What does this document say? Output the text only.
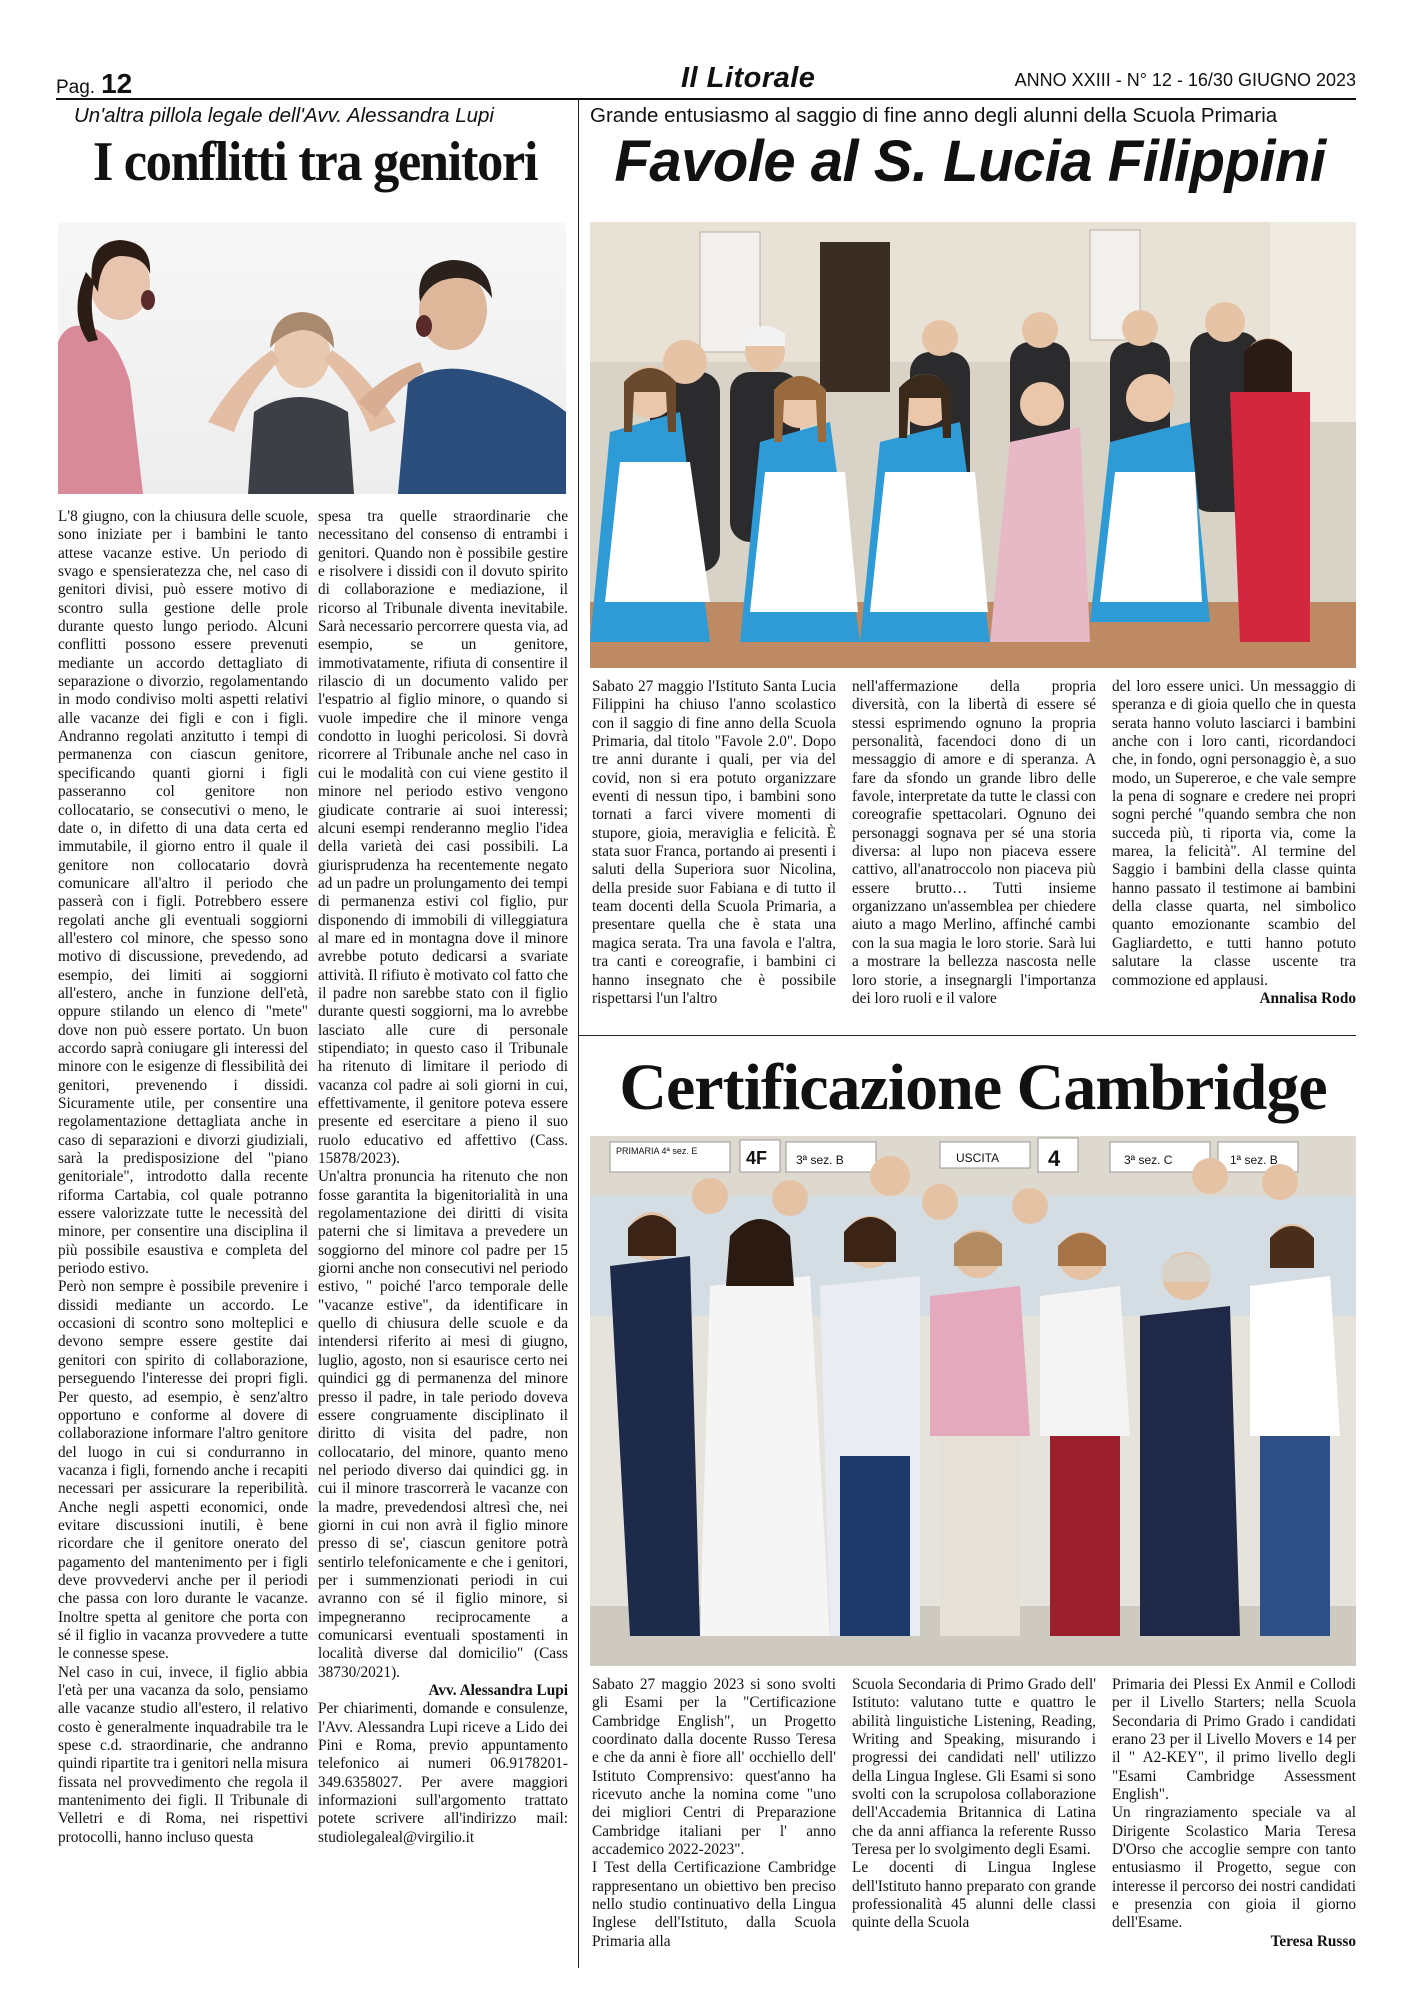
Pag. 12	Il Litorale	ANNO XXIII - N° 12 - 16/30 GIUGNO 2023
Un'altra pillola legale dell'Avv. Alessandra Lupi
I conflitti tra genitori

L'8 giugno, con la chiusura delle scuole, sono iniziate per i bambini le tanto attese vacanze estive. Un periodo di svago e spensieratezza che, nel caso di genitori divisi, può essere motivo di scontro sulla gestione delle prole durante questo lungo periodo. Alcuni conflitti possono essere prevenuti mediante un accordo dettagliato di separazione o divorzio, regolamentando in modo condiviso molti aspetti relativi alle vacanze dei figli e con i figli. Andranno regolati anzitutto i tempi di permanenza con ciascun genitore, specificando quanti giorni i figli passeranno col genitore non collocatario, se consecutivi o meno, le date o, in difetto di una data certa ed immutabile, il giorno entro il quale il genitore non collocatario dovrà comunicare all'altro il periodo che passerà con i figli. Potrebbero essere regolati anche gli eventuali soggiorni all'estero col minore, che spesso sono motivo di discussione, prevedendo, ad esempio, dei limiti ai soggiorni all'estero, anche in funzione dell'età, oppure stilando un elenco di "mete" dove non può essere portato. Un buon accordo saprà coniugare gli interessi del minore con le esigenze di flessibilità dei genitori, prevenendo i dissidi. Sicuramente utile, per consentire una regolamentazione dettagliata anche in caso di separazioni e divorzi giudiziali, sarà la predisposizione del "piano genitoriale", introdotto dalla recente riforma Cartabia, col quale potranno essere valorizzate tutte le necessità del minore, per consentire una disciplina il più possibile esaustiva e completa del periodo estivo.

Però non sempre è possibile prevenire i dissidi mediante un accordo. Le occasioni di scontro sono molteplici e devono sempre essere gestite dai genitori con spirito di collaborazione, perseguendo l'interesse dei propri figli. Per questo, ad esempio, è senz'altro opportuno e conforme al dovere di collaborazione informare l'altro genitore del luogo in cui si condurranno in vacanza i figli, fornendo anche i recapiti necessari per assicurare la reperibilità. Anche negli aspetti economici, onde evitare discussioni inutili, è bene ricordare che il genitore onerato del pagamento del mantenimento per i figli deve provvedervi anche per il periodi che passa con loro durante le vacanze. Inoltre spetta al genitore che porta con sé il figlio in vacanza provvedere a tutte le connesse spese.

Nel caso in cui, invece, il figlio abbia l'età per una vacanza da solo, pensiamo alle vacanze studio all'estero, il relativo costo è generalmente inquadrabile tra le spese c.d. straordinarie, che andranno quindi ripartite tra i genitori nella misura fissata nel provvedimento che regola il mantenimento dei figli. Il Tribunale di Velletri e di Roma, nei rispettivi protocolli, hanno incluso questa

spesa tra quelle straordinarie che necessitano del consenso di entrambi i genitori. Quando non è possibile gestire e risolvere i dissidi con il dovuto spirito di collaborazione e mediazione, il ricorso al Tribunale diventa inevitabile. Sarà necessario percorrere questa via, ad esempio, se un genitore, immotivatamente, rifiuta di consentire il rilascio di un documento valido per l'espatrio al figlio minore, o quando si vuole impedire che il minore venga condotto in luoghi pericolosi. Si dovrà ricorrere al Tribunale anche nel caso in cui le modalità con cui viene gestito il minore nel periodo estivo vengono giudicate contrarie ai suoi interessi; alcuni esempi renderanno meglio l'idea della varietà dei casi possibili. La giurisprudenza ha recentemente negato ad un padre un prolungamento dei tempi di permanenza estivi col figlio, pur disponendo di immobili di villeggiatura al mare ed in montagna dove il minore avrebbe potuto dedicarsi a svariate attività. Il rifiuto è motivato col fatto che il padre non sarebbe stato con il figlio durante questi soggiorni, ma lo avrebbe lasciato alle cure di personale stipendiato; in questo caso il Tribunale ha ritenuto di limitare il periodo di vacanza col padre ai soli giorni in cui, effettivamente, il genitore poteva essere presente ed esercitare a pieno il suo ruolo educativo ed affettivo (Cass. 15878/2023).

Un'altra pronuncia ha ritenuto che non fosse garantita la bigenitorialità in una regolamentazione dei diritti di visita paterni che si limitava a prevedere un soggiorno del minore col padre per 15 giorni anche non consecutivi nel periodo estivo, " poiché l'arco temporale delle "vacanze estive", da identificare in quello di chiusura delle scuole e da intendersi riferito ai mesi di giugno, luglio, agosto, non si esaurisce certo nei quindici gg di permanenza del minore presso il padre, in tale periodo doveva essere congruamente disciplinato il diritto di visita del padre, non collocatario, del minore, quanto meno nel periodo diverso dai quindici gg. in cui il minore trascorrerà le vacanze con la madre, prevedendosi altresì che, nei giorni in cui non avrà il figlio minore presso di se', ciascun genitore potrà sentirlo telefonicamente e che i genitori, per i summenzionati periodi in cui avranno con sé il figlio minore, si impegneranno reciprocamente a comunicarsi eventuali spostamenti in località diverse dal domicilio" (Cass 38730/2021).

Avv. Alessandra Lupi

Per chiarimenti, domande e consulenze, l'Avv. Alessandra Lupi riceve a Lido dei Pini e Roma, previo appuntamento telefonico ai numeri 06.9178201-349.6358027. Per avere maggiori informazioni sull'argomento trattato potete scrivere all'indirizzo mail: studiolegaleal@virgilio.it

Grande entusiasmo al saggio di fine anno degli alunni della Scuola Primaria
Favole al S. Lucia Filippini
Sabato 27 maggio l'Istituto Santa Lucia Filippini ha chiuso l'anno scolastico con il saggio di fine anno della Scuola Primaria, dal titolo "Favole 2.0". Dopo tre anni durante i quali, per via del covid, non si era potuto organizzare eventi di nessun tipo, i bambini sono tornati a farci vivere momenti di stupore, gioia, meraviglia e felicità. È stata suor Franca, portando ai presenti i saluti della Superiora suor Nicolina, della preside suor Fabiana e di tutto il team docenti della Scuola Primaria, a presentare quella che è stata una magica serata. Tra una favola e l'altra, tra canti e coreografie, i bambini ci hanno insegnato che è possibile rispettarsi l'un l'altro
nell'affermazione della propria diversità, con la libertà di essere sé stessi esprimendo ognuno la propria personalità, facendoci dono di un messaggio di amore e di speranza. A fare da sfondo un grande libro delle favole, interpretate da tutte le classi con coreografie spettacolari. Ognuno dei personaggi sognava per sé una storia diversa: al lupo non piaceva essere cattivo, all'anatroccolo non piaceva più essere brutto… Tutti insieme organizzano un'assemblea per chiedere aiuto a mago Merlino, affinché cambi con la sua magia le loro storie. Sarà lui a mostrare la bellezza nascosta nelle loro storie, a insegnargli l'importanza dei loro ruoli e il valore

del loro essere unici. Un messaggio di speranza e di gioia quello che in questa serata hanno voluto lasciarci i bambini anche con i loro canti, ricordandoci che, in fondo, ogni personaggio è, a suo modo, un Supereroe, e che vale sempre la pena di sognare e credere nei propri sogni perché "quando sembra che non succeda più, ti riporta via, come la marea, la felicità". Al termine del Saggio i bambini della classe quinta hanno passato il testimone ai bambini della classe quarta, nel simbolico quanto emozionante scambio del Gagliardetto, e tutti hanno potuto salutare la classe uscente tra commozione ed applausi.

Annalisa Rodo

Certificazione Cambridge
PRIMARIA 4ª sez. E	4F 3ª sez. B	USCITA 4	3ª sez. C	1ª sez. B

Sabato 27 maggio 2023 si sono svolti gli Esami per la "Certificazione Cambridge English", un Progetto coordinato dalla docente Russo Teresa e che da anni è fiore all' occhiello dell' Istituto Comprensivo: quest'anno ha ricevuto anche la nomina come "uno dei migliori Centri di Preparazione Cambridge italiani per l' anno accademico 2022-2023".

I Test della Certificazione Cambridge rappresentano un obiettivo ben preciso nello studio continuativo della Lingua Inglese dell'Istituto, dalla Scuola Primaria alla

Scuola Secondaria di Primo Grado dell' Istituto: valutano tutte e quattro le abilità linguistiche Listening, Reading, Writing and Speaking, misurando i progressi dei candidati nell' utilizzo della Lingua Inglese. Gli Esami si sono svolti con la scrupolosa collaborazione dell'Accademia Britannica di Latina che da anni affianca la referente Russo Teresa per lo svolgimento degli Esami.

Le docenti di Lingua Inglese dell'Istituto hanno preparato con grande professionalità 45 alunni delle classi quinte della Scuola

Primaria dei Plessi Ex Anmil e Collodi per il Livello Starters; nella Scuola Secondaria di Primo Grado i candidati erano 23 per il Livello Movers e 14 per il " A2-KEY", il primo livello degli "Esami Cambridge Assessment English".

Un ringraziamento speciale va al Dirigente Scolastico Maria Teresa D'Orso che accoglie sempre con tanto entusiasmo il Progetto, segue con interesse il percorso dei nostri candidati e presenzia con gioia il giorno dell'Esame.

Teresa Russo
